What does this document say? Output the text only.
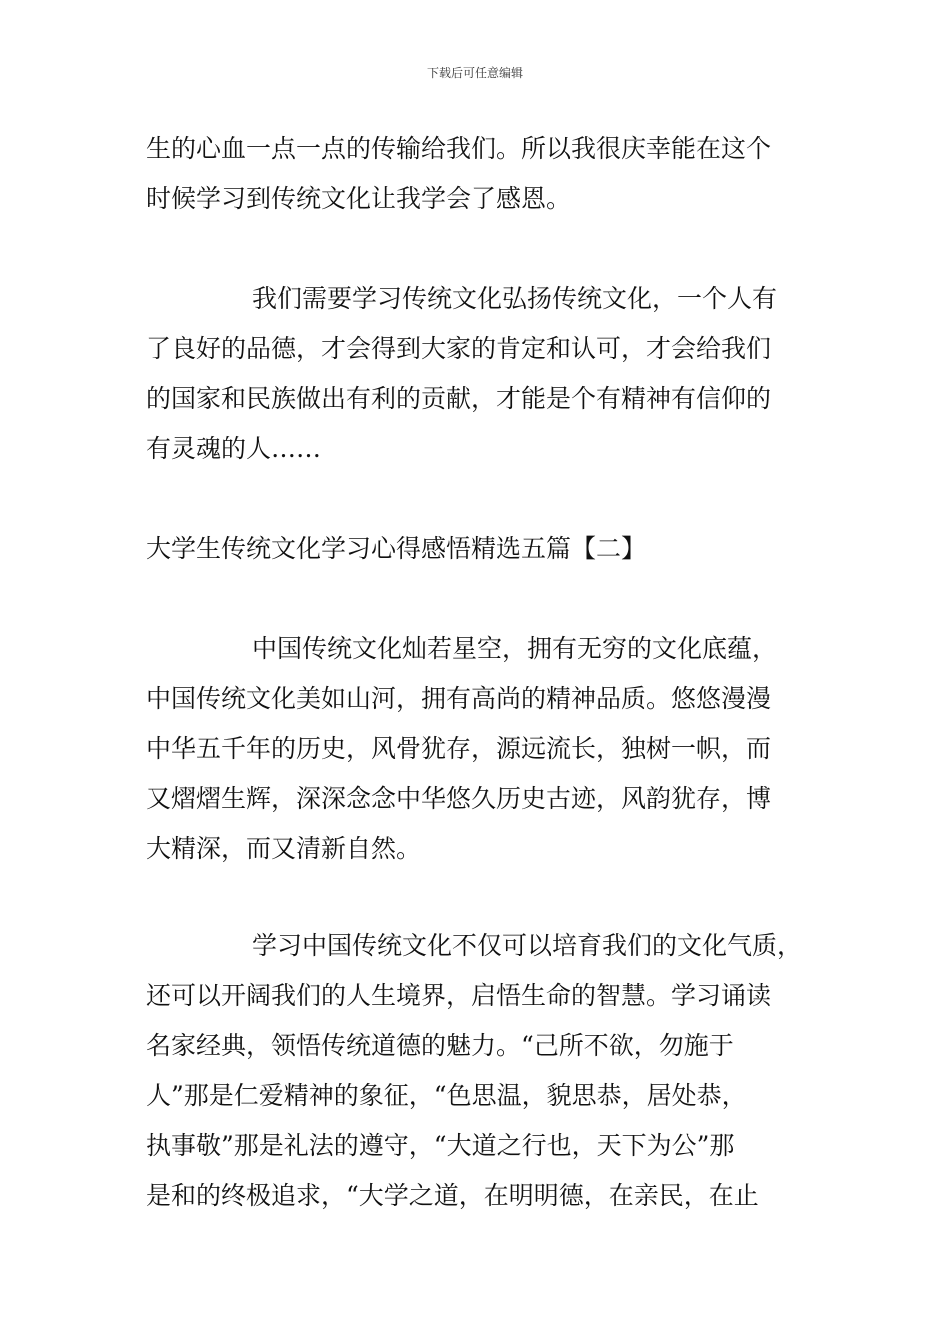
下载后可任意编辑
生的心血一点一点的传输给我们。所以我很庆幸能在这个
时候学习到传统文化让我学会了感恩。
我们需要学习传统文化弘扬传统文化，一个人有
了良好的品德，才会得到大家的肯定和认可，才会给我们
的国家和民族做出有利的贡献，才能是个有精神有信仰的
有灵魂的人……
大学生传统文化学习心得感悟精选五篇【二】
中国传统文化灿若星空，拥有无穷的文化底蕴，
中国传统文化美如山河，拥有高尚的精神品质。悠悠漫漫
中华五千年的历史，风骨犹存，源远流长，独树一帜，而
又熠熠生辉，深深念念中华悠久历史古迹，风韵犹存，博
大精深，而又清新自然。
学习中国传统文化不仅可以培育我们的文化气质，
还可以开阔我们的人生境界，启悟生命的智慧。学习诵读
名家经典，领悟传统道德的魅力。“己所不欲，勿施于
人”那是仁爱精神的象征，“色思温，貌思恭，居处恭，
执事敬”那是礼法的遵守，“大道之行也，天下为公”那
是和的终极追求，“大学之道，在明明德，在亲民，在止
